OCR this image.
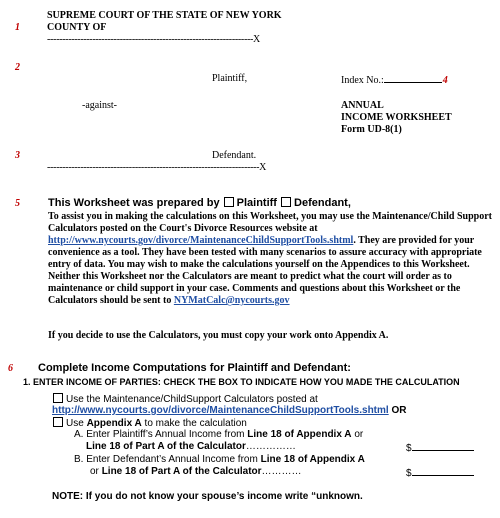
SUPREME COURT OF THE STATE OF NEW YORK
1	COUNTY OF
--------------------------------------------------------------------X
2
Plaintiff,	Index No.:	4
-against-	ANNUAL
INCOME WORKSHEET
Form UD-8(1)
3	Defendant.
----------------------------------------------------------------------X
5	This Worksheet was prepared by Plaintiff Defendant,
To assist you in making the calculations on this Worksheet, you may use the Maintenance/Child Support Calculators posted on the Court's Divorce Resources website at http://www.nycourts.gov/divorce/MaintenanceChildSupportTools.shtml. They are provided for your convenience as a tool. They have been tested with many scenarios to assure accuracy with appropriate entry of data. You may wish to make the calculations yourself on the Appendices to this Worksheet. Neither this Worksheet nor the Calculators are meant to predict what the court will order as to maintenance or child support in your case. Comments and questions about this Worksheet or the Calculators should be sent to NYMatCalc@nycourts.gov
If you decide to use the Calculators, you must copy your work onto Appendix A.
6 Complete Income Computations for Plaintiff and Defendant:
1. ENTER INCOME OF PARTIES: CHECK THE BOX TO INDICATE HOW YOU MADE THE CALCULATION
Use the Maintenance/ChildSupport Calculators posted at
http://www.nycourts.gov/divorce/MaintenanceChildSupportTools.shtml OR
Use Appendix A to make the calculation
A. Enter Plaintiff’s Annual Income from Line 18 of Appendix A or
Line 18 of Part A of the Calculator……………	$
B. Enter Defendant’s Annual Income from Line 18 of Appendix A
or Line 18 of Part A of the Calculator…………	$
NOTE: If you do not know your spouse’s income write “unknown.
